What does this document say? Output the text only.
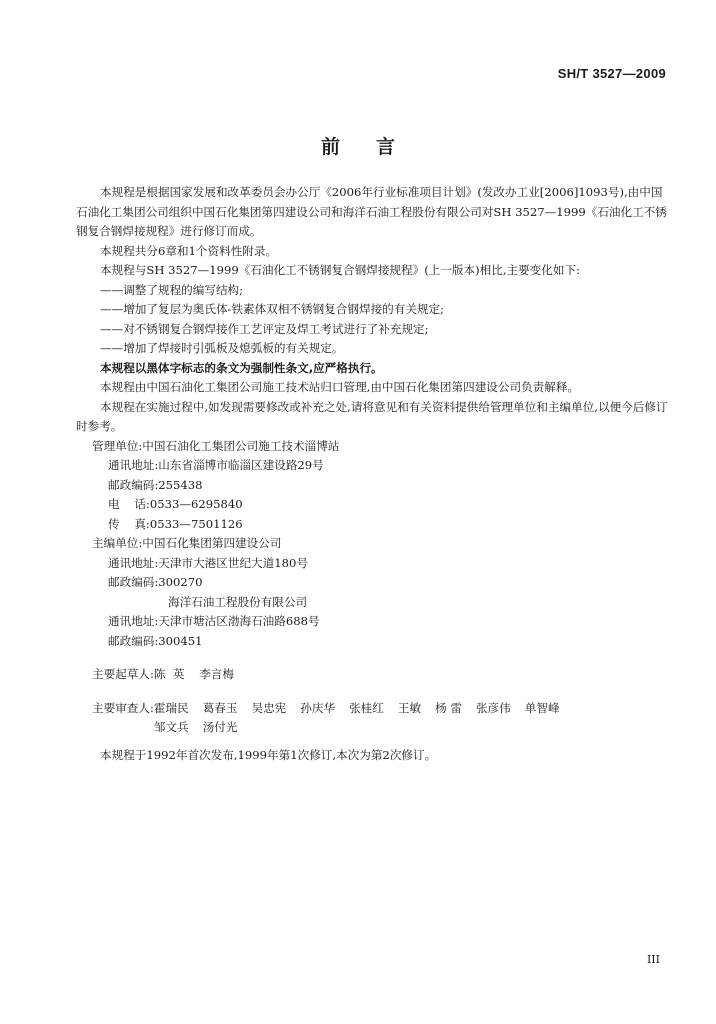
SH/T 3527—2009
前言

本规程是根据国家发展和改革委员会办公厅《2006年行业标准项目计划》(发改办工业[2006]1093号),由中国石油化工集团公司组织中国石化集团第四建设公司和海洋石油工程股份有限公司对SH 3527—1999《石油化工不锈钢复合钢焊接规程》进行修订而成。

本规程共分6章和1个资料性附录。

本规程与SH 3527—1999《石油化工不锈钢复合钢焊接规程》(上一版本)相比,主要变化如下:

——调整了规程的编写结构;
——增加了复层为奥氏体-铁素体双相不锈钢复合钢焊接的有关规定;
——对不锈钢复合钢焊接作工艺评定及焊工考试进行了补充规定;
——增加了焊接时引弧板及熄弧板的有关规定。

本规程以黑体字标志的条文为强制性条文,应严格执行。

本规程由中国石油化工集团公司施工技术站归口管理,由中国石化集团第四建设公司负责解释。

本规程在实施过程中,如发现需要修改或补充之处,请将意见和有关资料提供给管理单位和主编单位,以便今后修订时参考。

管理单位: 中国石油化工集团公司施工技术淄博站
通讯地址: 山东省淄博市临淄区建设路29号
邮政编码: 255438
电    话: 0533—6295840
传    真: 0533—7501126
主编单位: 中国石化集团第四建设公司
通讯地址: 天津市大港区世纪大道180号
邮政编码: 300270
海洋石油工程股份有限公司
通讯地址: 天津市塘沽区渤海石油路688号
邮政编码: 300451
主要起草人: 陈  英    李言梅
主要审查人: 霍瑞民 葛春玉 吴忠宪 孙庆华 张桂红 王敏 杨 雷 张彦伟 单智峰
邹文兵 汤付光

本规程于1992年首次发布,1999年第1次修订,本次为第2次修订。

III
